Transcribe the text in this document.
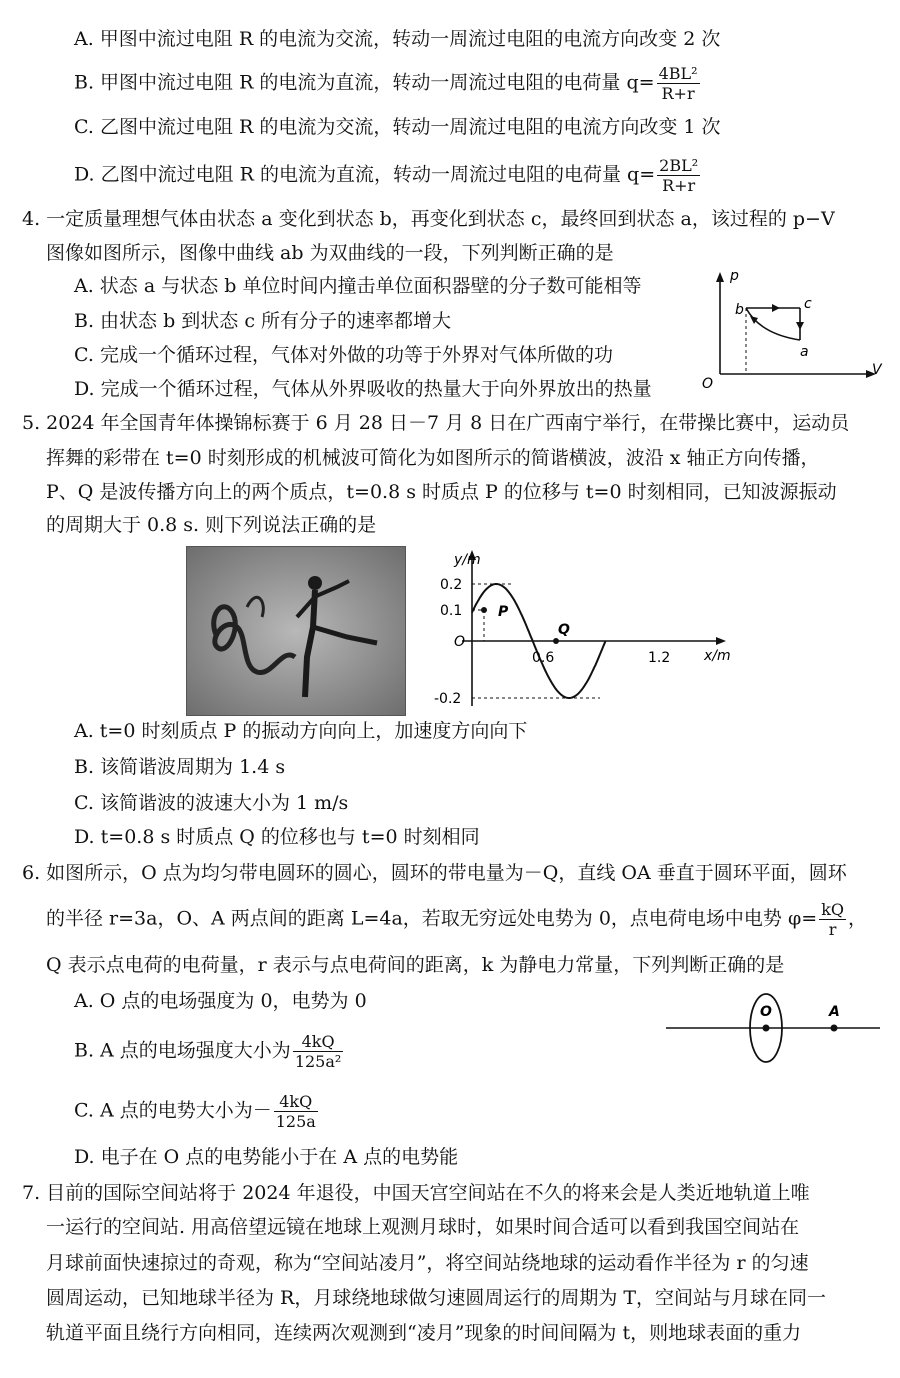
A. 甲图中流过电阻 R 的电流为交流，转动一周流过电阻的电流方向改变 2 次
B. 甲图中流过电阻 R 的电流为直流，转动一周流过电阻的电荷量 $q= \frac{\text{4BL²}}{R+r}$
C. 乙图中流过电阻 R 的电流为交流，转动一周流过电阻的电流方向改变 1 次
D. 乙图中流过电阻 R 的电流为直流，转动一周流过电阻的电荷量 $q= \frac{\text{2BL²}}{R+r}$
4. 一定质量理想气体由状态 a 变化到状态 b，再变化到状态 c，最终回到状态 a，该过程的 p−V
图像如图所示，图像中曲线 ab 为双曲线的一段，下列判断正确的是
A. 状态 a 与状态 b 单位时间内撞击单位面积器壁的分子数可能相等
B. 由状态 b 到状态 c 所有分子的速率都增大
C. 完成一个循环过程，气体对外做的功等于外界对气体所做的功
D. 完成一个循环过程，气体从外界吸收的热量大于向外界放出的热量
p
V
O
b	c
a
5. 2024 年全国青年体操锦标赛于 6 月 28 日－7 月 8 日在广西南宁举行，在带操比赛中，运动员
挥舞的彩带在 t=0 时刻形成的机械波可简化为如图所示的简谐横波，波沿 x 轴正方向传播，
P、Q 是波传播方向上的两个质点，t=0.8 s 时质点 P 的位移与 t=0 时刻相同，已知波源振动
的周期大于 0.8 s. 则下列说法正确的是
y/m
x/m
O
0.2
0.1
-0.2
0.6	1.2
P
Q
A. t=0 时刻质点 P 的振动方向向上，加速度方向向下
B. 该简谐波周期为 1.4 s
C. 该简谐波的波速大小为 1 m/s
D. t=0.8 s 时质点 Q 的位移也与 t=0 时刻相同
6. 如图所示，O 点为均匀带电圆环的圆心，圆环的带电量为－Q，直线 OA 垂直于圆环平面，圆环
的半径 r=3a，O、A 两点间的距离 L=4a，若取无穷远处电势为 0，点电荷电场中电势 $\varphi= \frac{kQ}{r}$ ，
Q 表示点电荷的电荷量，r 表示与点电荷间的距离，k 为静电力常量，下列判断正确的是
A. O 点的电场强度为 0，电势为 0
B. A 点的电场强度大小为 $\frac{4kQ}{\text{125a²}}$
C. A 点的电势大小为－ $\frac{4kQ}{125a}$
D. 电子在 O 点的电势能小于在 A 点的电势能
O	A
7. 目前的国际空间站将于 2024 年退役，中国天宫空间站在不久的将来会是人类近地轨道上唯
一运行的空间站. 用高倍望远镜在地球上观测月球时，如果时间合适可以看到我国空间站在
月球前面快速掠过的奇观，称为“空间站凌月”，将空间站绕地球的运动看作半径为 r 的匀速
圆周运动，已知地球半径为 R，月球绕地球做匀速圆周运行的周期为 T，空间站与月球在同一
轨道平面且绕行方向相同，连续两次观测到“凌月”现象的时间间隔为 t，则地球表面的重力
